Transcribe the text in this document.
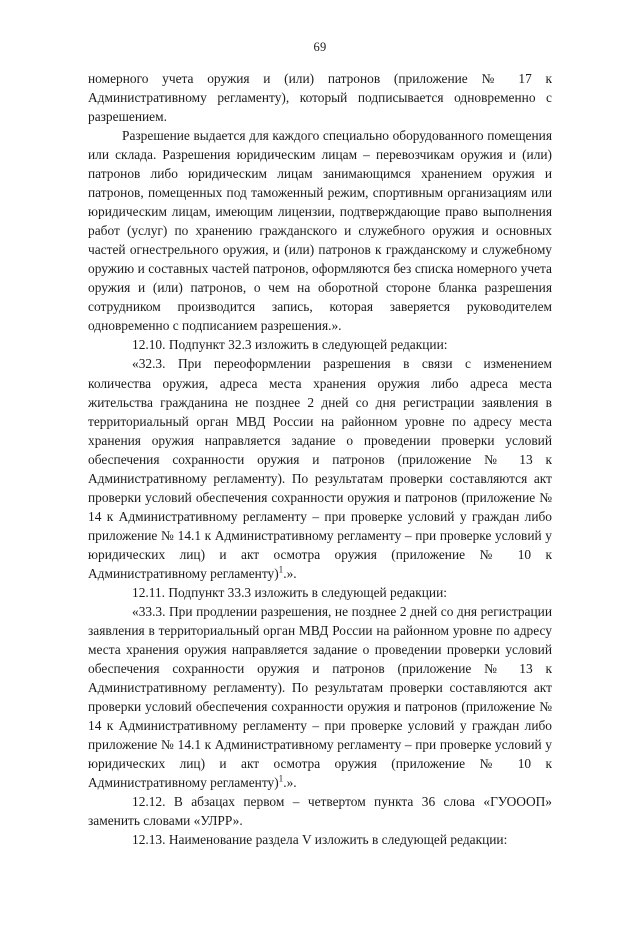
69

номерного учета оружия и (или) патронов (приложение № 17 к Административному регламенту), который подписывается одновременно с разрешением.

Разрешение выдается для каждого специально оборудованного помещения или склада. Разрешения юридическим лицам – перевозчикам оружия и (или) патронов либо юридическим лицам занимающимся хранением оружия и патронов, помещенных под таможенный режим, спортивным организациям или юридическим лицам, имеющим лицензии, подтверждающие право выполнения работ (услуг) по хранению гражданского и служебного оружия и основных частей огнестрельного оружия, и (или) патронов к гражданскому и служебному оружию и составных частей патронов, оформляются без списка номерного учета оружия и (или) патронов, о чем на оборотной стороне бланка разрешения сотрудником производится запись, которая заверяется руководителем одновременно с подписанием разрешения.».

12.10. Подпункт 32.3 изложить в следующей редакции:

«32.3. При переоформлении разрешения в связи с изменением количества оружия, адреса места хранения оружия либо адреса места жительства гражданина не позднее 2 дней со дня регистрации заявления в территориальный орган МВД России на районном уровне по адресу места хранения оружия направляется задание о проведении проверки условий обеспечения сохранности оружия и патронов (приложение № 13 к Административному регламенту). По результатам проверки составляются акт проверки условий обеспечения сохранности оружия и патронов (приложение № 14 к Административному регламенту – при проверке условий у граждан либо приложение № 14.1 к Административному регламенту – при проверке условий у юридических лиц) и акт осмотра оружия (приложение № 10 к Административному регламенту)$^1$.».

12.11. Подпункт 33.3 изложить в следующей редакции:

«33.3. При продлении разрешения, не позднее 2 дней со дня регистрации заявления в территориальный орган МВД России на районном уровне по адресу места хранения оружия направляется задание о проведении проверки условий обеспечения сохранности оружия и патронов (приложение № 13 к Административному регламенту). По результатам проверки составляются акт проверки условий обеспечения сохранности оружия и патронов (приложение № 14 к Административному регламенту – при проверке условий у граждан либо приложение № 14.1 к Административному регламенту – при проверке условий у юридических лиц) и акт осмотра оружия (приложение № 10 к Административному регламенту)$^1$.».

12.12. В абзацах первом – четвертом пункта 36 слова «ГУОООП» заменить словами «УЛРР».

12.13. Наименование раздела V изложить в следующей редакции:
